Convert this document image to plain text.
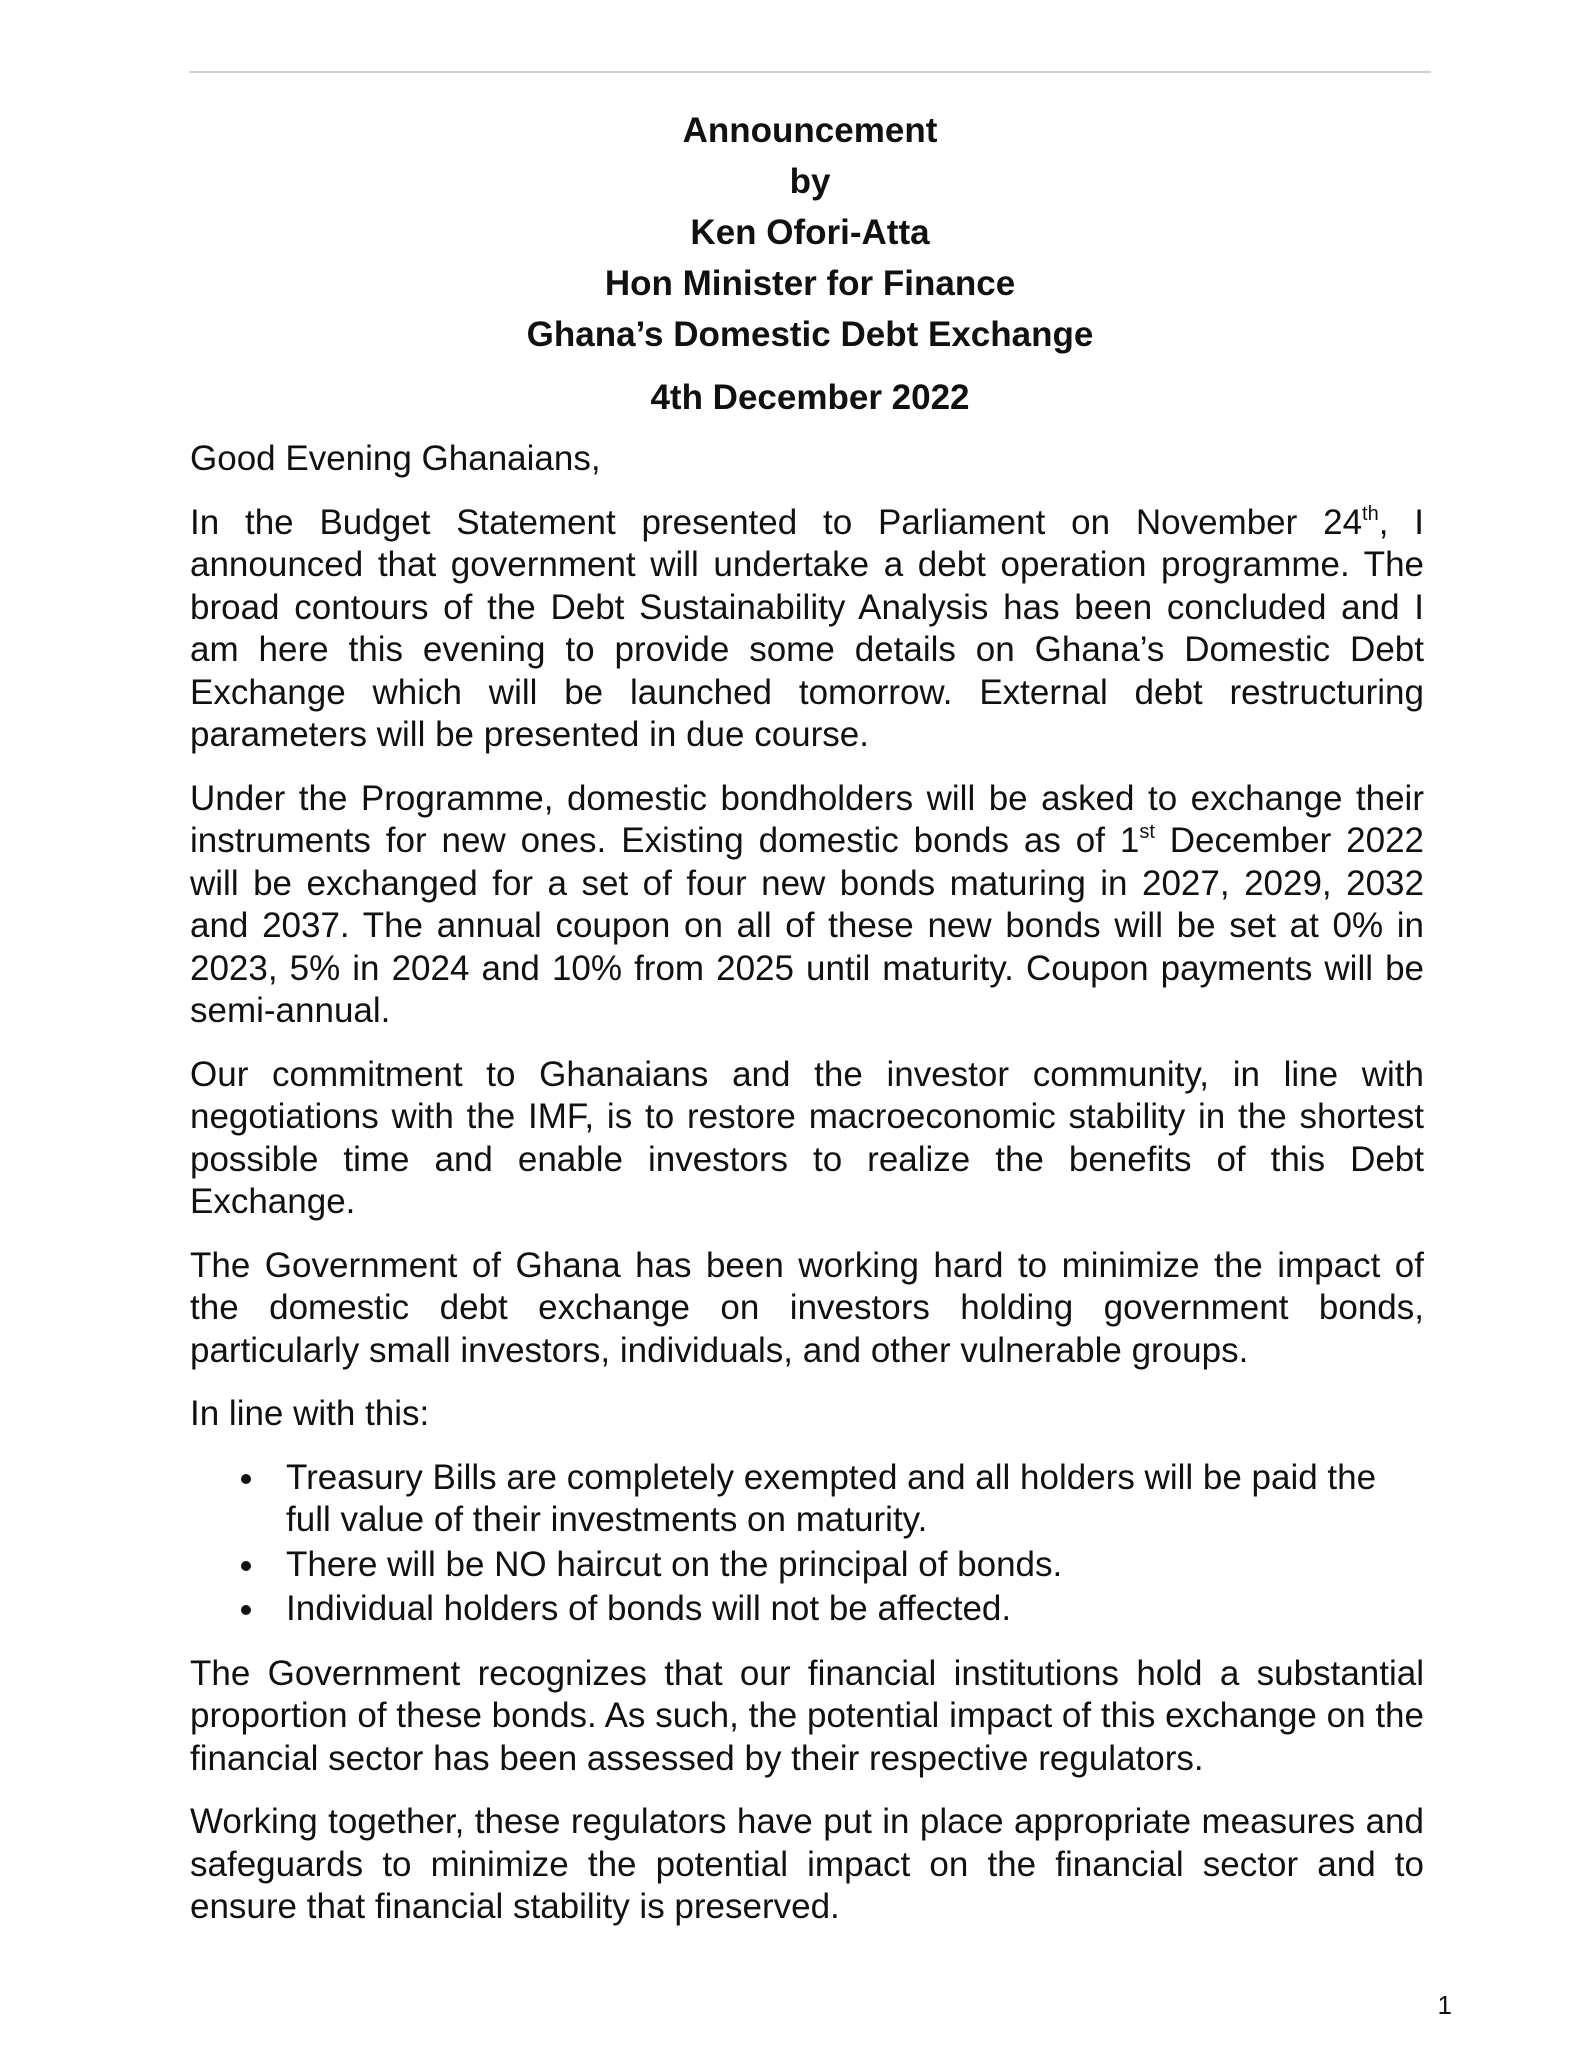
Announcement
by
Ken Ofori-Atta
Hon Minister for Finance
Ghana’s Domestic Debt Exchange
4th December 2022

Good Evening Ghanaians,

In the Budget Statement presented to Parliament on November 24th, I announced that government will undertake a debt operation programme. The broad contours of the Debt Sustainability Analysis has been concluded and I am here this evening to provide some details on Ghana’s Domestic Debt Exchange which will be launched tomorrow. External debt restructuring parameters will be presented in due course.

Under the Programme, domestic bondholders will be asked to exchange their instruments for new ones. Existing domestic bonds as of 1st December 2022 will be exchanged for a set of four new bonds maturing in 2027, 2029, 2032 and 2037. The annual coupon on all of these new bonds will be set at 0% in 2023, 5% in 2024 and 10% from 2025 until maturity. Coupon payments will be semi-annual.

Our commitment to Ghanaians and the investor community, in line with negotiations with the IMF, is to restore macroeconomic stability in the shortest possible time and enable investors to realize the benefits of this Debt Exchange.

The Government of Ghana has been working hard to minimize the impact of the domestic debt exchange on investors holding government bonds, particularly small investors, individuals, and other vulnerable groups.

In line with this:

Treasury Bills are completely exempted and all holders will be paid the full value of their investments on maturity.
There will be NO haircut on the principal of bonds.
Individual holders of bonds will not be affected.

The Government recognizes that our financial institutions hold a substantial proportion of these bonds. As such, the potential impact of this exchange on the financial sector has been assessed by their respective regulators.

Working together, these regulators have put in place appropriate measures and safeguards to minimize the potential impact on the financial sector and to ensure that financial stability is preserved.

1
